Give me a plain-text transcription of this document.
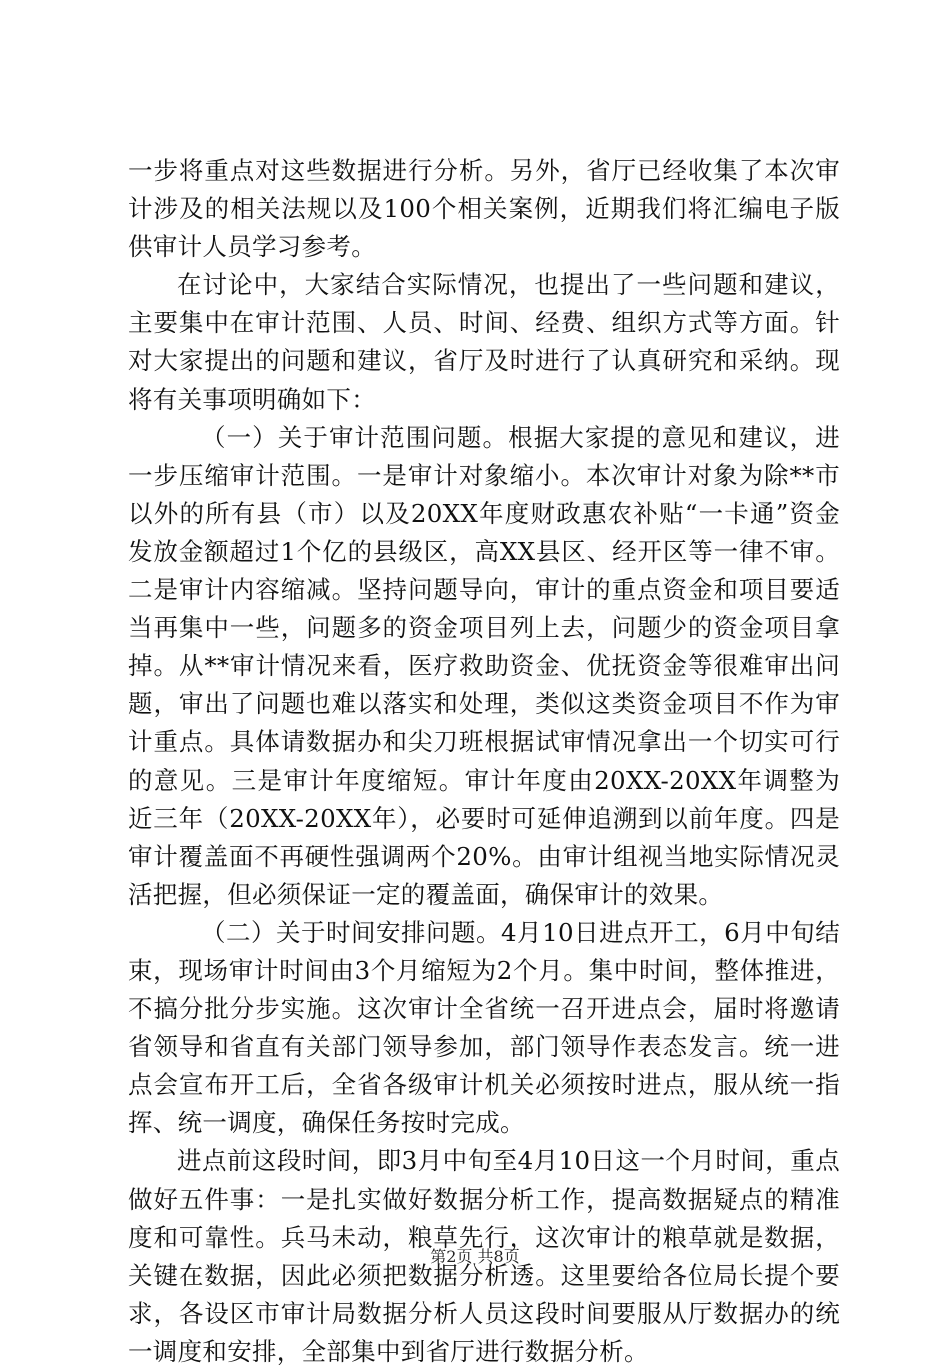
一步将重点对这些数据进行分析。另外，省厅已经收集了本次审计涉及的相关法规以及100个相关案例，近期我们将汇编电子版供审计人员学习参考。

在讨论中，大家结合实际情况，也提出了一些问题和建议，主要集中在审计范围、人员、时间、经费、组织方式等方面。针对大家提出的问题和建议，省厅及时进行了认真研究和采纳。现将有关事项明确如下：

（一）关于审计范围问题。根据大家提的意见和建议，进一步压缩审计范围。一是审计对象缩小。本次审计对象为除**市以外的所有县（市）以及20XX年度财政惠农补贴“一卡通”资金发放金额超过1个亿的县级区，高XX县区、经开区等一律不审。二是审计内容缩减。坚持问题导向，审计的重点资金和项目要适当再集中一些，问题多的资金项目列上去，问题少的资金项目拿掉。从**审计情况来看，医疗救助资金、优抚资金等很难审出问题，审出了问题也难以落实和处理，类似这类资金项目不作为审计重点。具体请数据办和尖刀班根据试审情况拿出一个切实可行的意见。三是审计年度缩短。审计年度由20XX-20XX年调整为近三年（20XX-20XX年），必要时可延伸追溯到以前年度。四是审计覆盖面不再硬性强调两个20%。由审计组视当地实际情况灵活把握，但必须保证一定的覆盖面，确保审计的效果。

（二）关于时间安排问题。4月10日进点开工，6月中旬结束，现场审计时间由3个月缩短为2个月。集中时间，整体推进，不搞分批分步实施。这次审计全省统一召开进点会，届时将邀请省领导和省直有关部门领导参加，部门领导作表态发言。统一进点会宣布开工后，全省各级审计机关必须按时进点，服从统一指挥、统一调度，确保任务按时完成。

进点前这段时间，即3月中旬至4月10日这一个月时间，重点做好五件事：一是扎实做好数据分析工作，提高数据疑点的精准度和可靠性。兵马未动，粮草先行，这次审计的粮草就是数据，关键在数据，因此必须把数据分析透。这里要给各位局长提个要求，各设区市审计局数据分析人员这段时间要服从厅数据办的统一调度和安排，全部集中到省厅进行数据分析。

第2页 共8页
